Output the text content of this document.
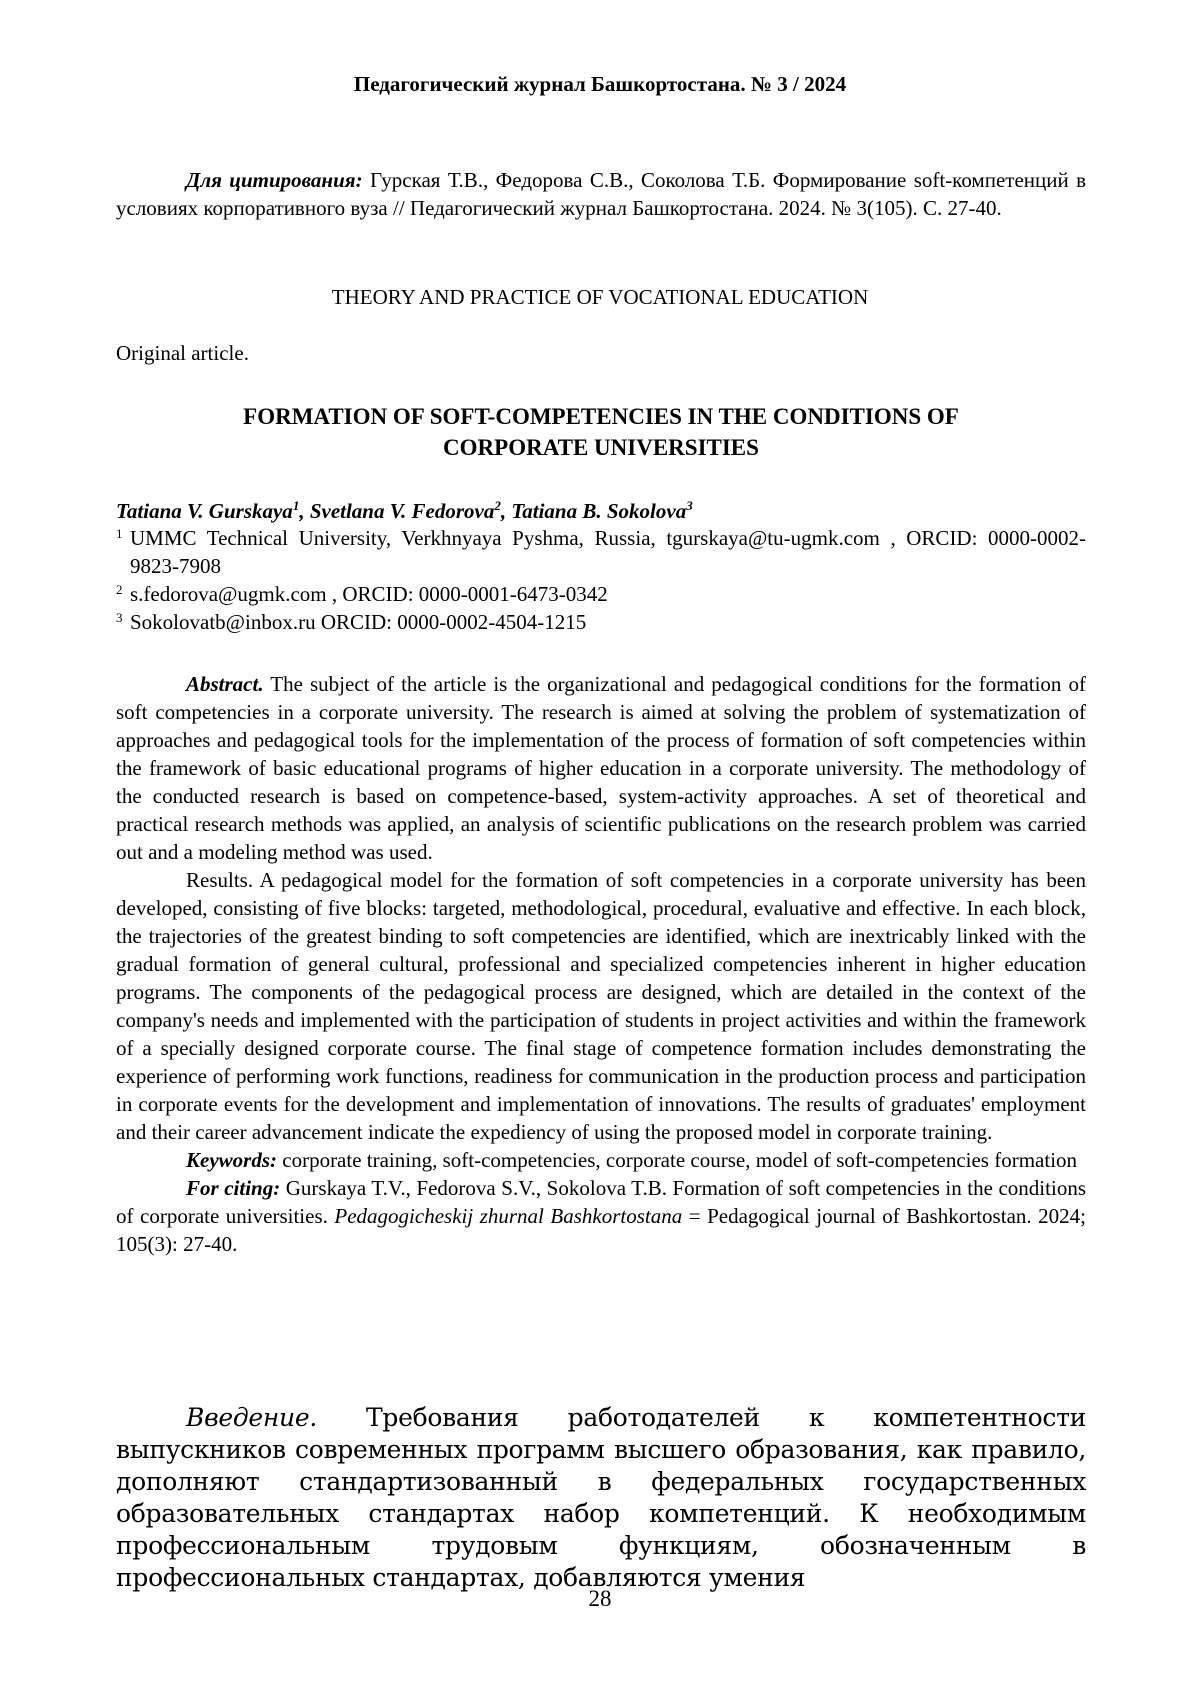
Педагогический журнал Башкортостана. № 3 / 2024
Для цитирования: Гурская Т.В., Федорова С.В., Соколова Т.Б. Формирование soft-компетенций в условиях корпоративного вуза // Педагогический журнал Башкортостана. 2024. № 3(105). С. 27-40.
THEORY AND PRACTICE OF VOCATIONAL EDUCATION
Original article.
FORMATION OF SOFT-COMPETENCIES IN THE CONDITIONS OF
CORPORATE UNIVERSITIES
Tatiana V. Gurskaya$^1$, Svetlana V. Fedorova$^2$, Tatiana B. Sokolova$^3$
1 UMMC Technical University, Verkhnyaya Pyshma, Russia, tgurskaya@tu-ugmk.com , ORCID: 0000-0002-9823-7908
2 s.fedorova@ugmk.com , ORCID: 0000-0001-6473-0342
3 Sokolovatb@inbox.ru ORCID: 0000-0002-4504-1215

Abstract. The subject of the article is the organizational and pedagogical conditions for the formation of soft competencies in a corporate university. The research is aimed at solving the problem of systematization of approaches and pedagogical tools for the implementation of the process of formation of soft competencies within the framework of basic educational programs of higher education in a corporate university. The methodology of the conducted research is based on competence-based, system-activity approaches. A set of theoretical and practical research methods was applied, an analysis of scientific publications on the research problem was carried out and a modeling method was used.

Results. A pedagogical model for the formation of soft competencies in a corporate university has been developed, consisting of five blocks: targeted, methodological, procedural, evaluative and effective. In each block, the trajectories of the greatest binding to soft competencies are identified, which are inextricably linked with the gradual formation of general cultural, professional and specialized competencies inherent in higher education programs. The components of the pedagogical process are designed, which are detailed in the context of the company's needs and implemented with the participation of students in project activities and within the framework of a specially designed corporate course. The final stage of competence formation includes demonstrating the experience of performing work functions, readiness for communication in the production process and participation in corporate events for the development and implementation of innovations. The results of graduates' employment and their career advancement indicate the expediency of using the proposed model in corporate training.

Keywords: corporate training, soft-competencies, corporate course, model of soft-competencies formation

For citing: Gurskaya T.V., Fedorova S.V., Sokolova T.B. Formation of soft competencies in the conditions of corporate universities. Pedagogicheskij zhurnal Bashkortostana = Pedagogical journal of Bashkortostan. 2024; 105(3): 27-40.

Введение. Требования работодателей к компетентности выпускников современных программ высшего образования, как правило, дополняют стандартизованный в федеральных государственных образовательных стандартах набор компетенций. К необходимым профессиональным трудовым функциям, обозначенным в профессиональных стандартах, добавляются умения
28
